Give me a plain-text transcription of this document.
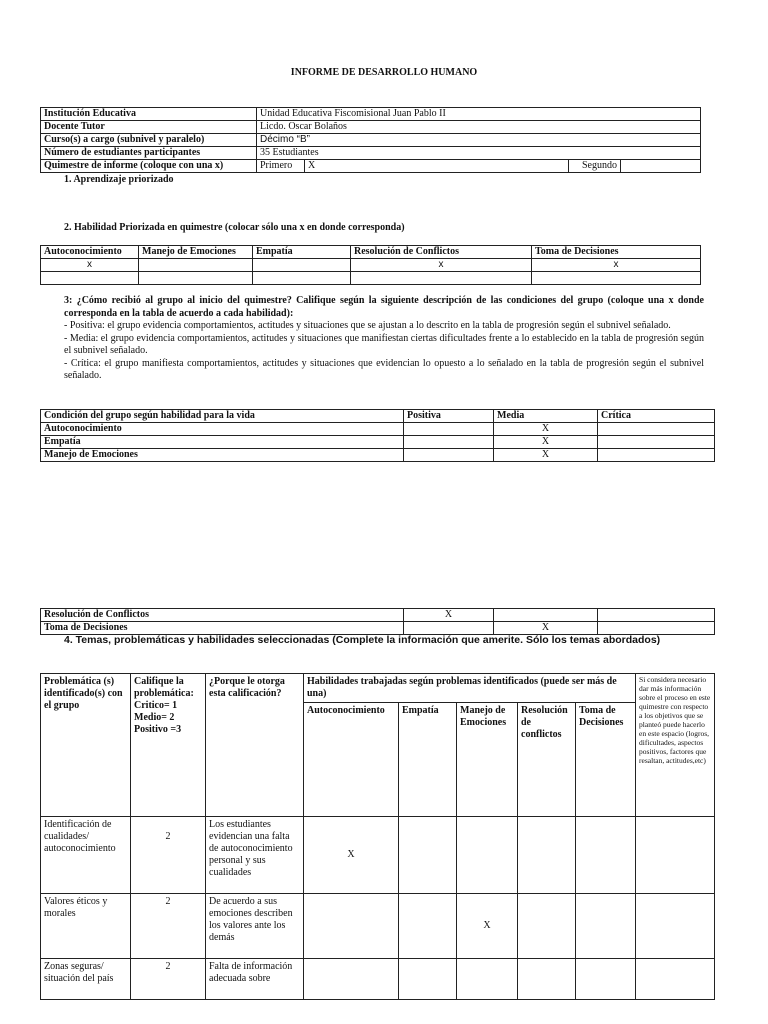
INFORME DE DESARROLLO HUMANO
Institución Educativa	Unidad Educativa Fiscomisional Juan Pablo II			
Docente Tutor	Licdo. Oscar Bolaños			
Curso(s) a cargo (subnivel y paralelo)	Décimo “B”			
Número de estudiantes participantes	35 Estudiantes			
Quimestre de informe (coloque con una x)	Primero	X	Segundo	
1. Aprendizaje priorizado
2. Habilidad Priorizada en quimestre (colocar sólo una x en donde corresponda)
Autoconocimiento	Manejo de Emociones	Empatía	Resolución de Conflictos	Toma de Decisiones
x			x	x

3: ¿Cómo recibió al grupo al inicio del quimestre? Califique según la siguiente descripción de las condiciones del grupo (coloque una x donde corresponda en la tabla de acuerdo a cada habilidad):

- Positiva: el grupo evidencia comportamientos, actitudes y situaciones que se ajustan a lo descrito en la tabla de progresión según el subnivel señalado.

- Media: el grupo evidencia comportamientos, actitudes y situaciones que manifiestan ciertas dificultades frente a lo establecido en la tabla de progresión según el subnivel señalado.

- Crítica: el grupo manifiesta comportamientos, actitudes y situaciones que evidencian lo opuesto a lo señalado en la tabla de progresión según el subnivel señalado.

Condición del grupo según habilidad para la vida	Positiva	Media	Crítica
Autoconocimiento		X	
Empatía		X	
Manejo de Emociones		X	
Resolución de Conflictos	X		
Toma de Decisiones		X	
4. Temas, problemáticas y habilidades seleccionadas (Complete la información que amerite. Sólo los temas abordados)
Problemática (s) identificado(s) con el grupo	Califique la problemática: Critico= 1 Medio= 2 Positivo =3	¿Porque le otorga esta calificación?	Habilidades trabajadas según problemas identificados (puede ser más de una)					Si considera necesario dar más información sobre el proceso en este quimestre con respecto a los objetivos que se planteó puede hacerlo en este espacio (logros, dificultades, aspectos positivos, factores que resaltan, actitudes,etc)
			Autoconocimiento	Empatía	Manejo de Emociones	Resolución de conflictos	Toma de Decisiones	
Identificación de cualidades/ autoconocimiento	2	Los estudiantes evidencian una falta de autoconocimiento personal y sus cualidades	X					
Valores éticos y morales	2	De acuerdo a sus emociones describen los valores ante los demás			X			
Zonas seguras/ situación del país	2	Falta de información adecuada sobre						
